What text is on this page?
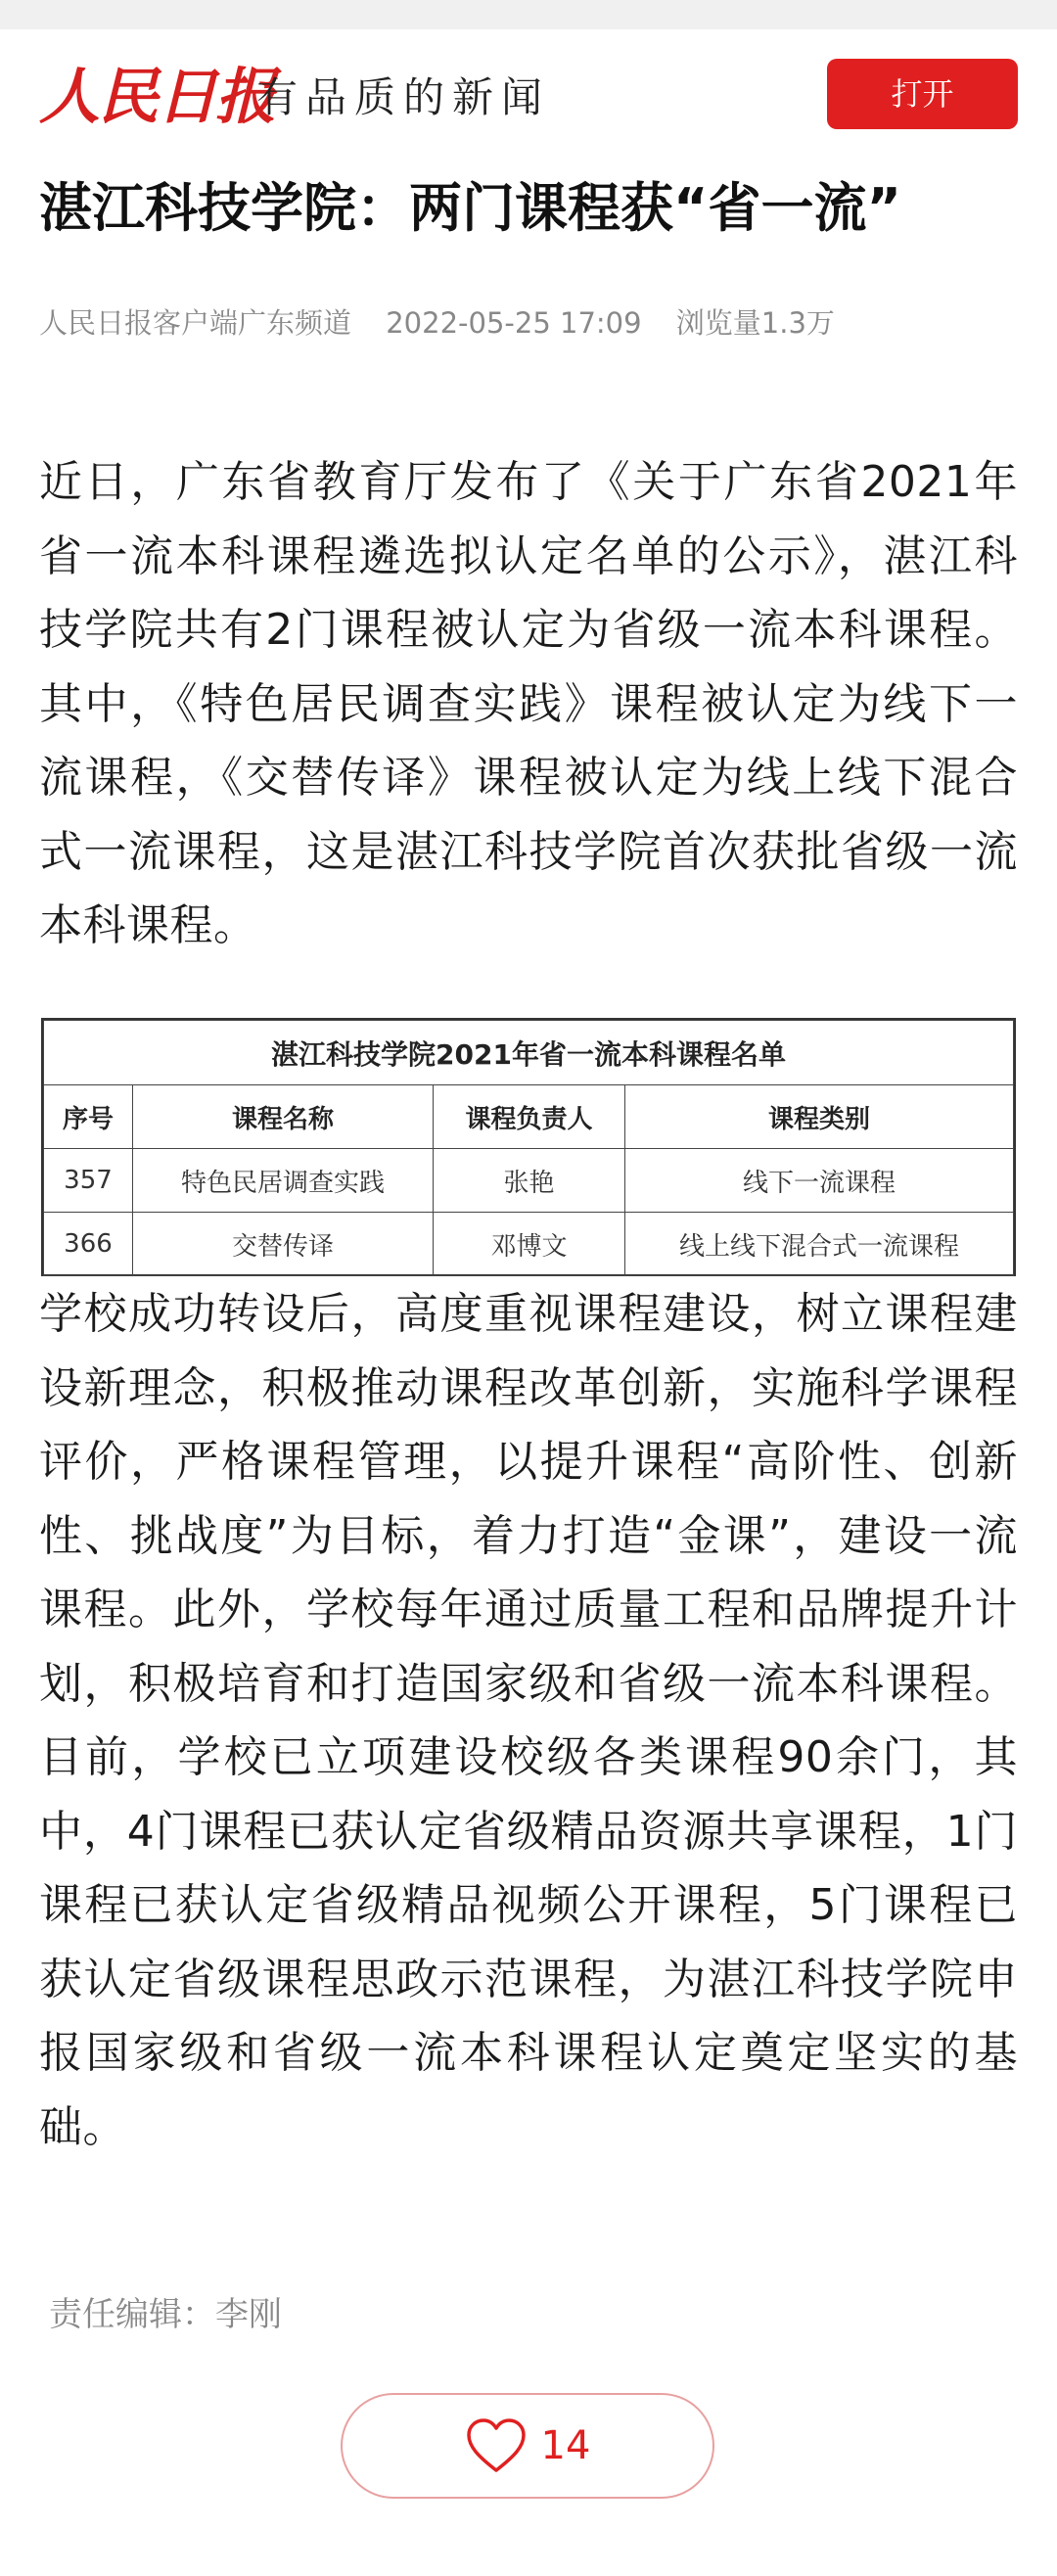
人民日报
有品质的新闻	打开
湛江科技学院：两门课程获“省一流”
人民日报客户端广东频道 2022-05-25 17:09 浏览量1.3万

近日，广东省教育厅发布了《关于广东省2021年省一流本科课程遴选拟认定名单的公示》，湛江科技学院共有2门课程被认定为省级一流本科课程。其中，《特色居民调查实践》课程被认定为线下一流课程，《交替传译》课程被认定为线上线下混合式一流课程，这是湛江科技学院首次获批省级一流本科课程。

湛江科技学院2021年省一流本科课程名单			
序号	课程名称	课程负责人	课程类别
357	特色民居调查实践	张艳	线下一流课程
366	交替传译	邓博文	线上线下混合式一流课程

学校成功转设后，高度重视课程建设，树立课程建设新理念，积极推动课程改革创新，实施科学课程评价，严格课程管理，以提升课程“高阶性、创新性、挑战度”为目标，着力打造“金课”，建设一流课程。此外，学校每年通过质量工程和品牌提升计划，积极培育和打造国家级和省级一流本科课程。目前，学校已立项建设校级各类课程90余门，其中，4门课程已获认定省级精品资源共享课程，1门课程已获认定省级精品视频公开课程，5门课程已获认定省级课程思政示范课程，为湛江科技学院申报国家级和省级一流本科课程认定奠定坚实的基础。

责任编辑：李刚
14
